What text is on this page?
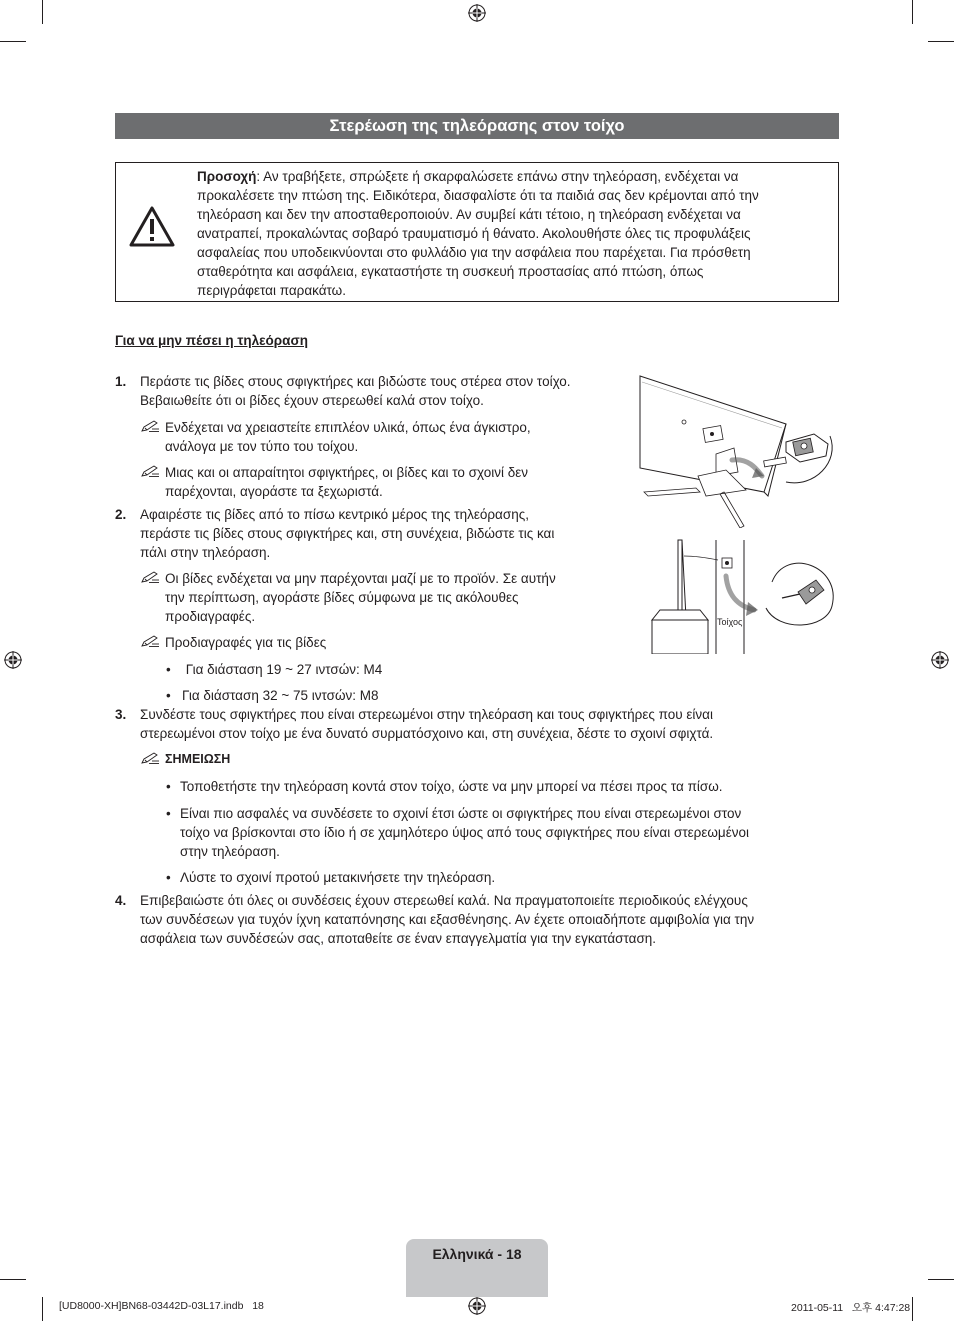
Στερέωση της τηλεόρασης στον τοίχο
Προσοχή: Αν τραβήξετε, σπρώξετε ή σκαρφαλώσετε επάνω στην τηλεόραση, ενδέχεται να
προκαλέσετε την πτώση της. Ειδικότερα, διασφαλίστε ότι τα παιδιά σας δεν κρέμονται από την
τηλεόραση και δεν την αποσταθεροποιούν. Αν συμβεί κάτι τέτοιο, η τηλεόραση ενδέχεται να
ανατραπεί, προκαλώντας σοβαρό τραυματισμό ή θάνατο. Ακολουθήστε όλες τις προφυλάξεις
ασφαλείας που υποδεικνύονται στο φυλλάδιο για την ασφάλεια που παρέχεται. Για πρόσθετη
σταθερότητα και ασφάλεια, εγκαταστήστε τη συσκευή προστασίας από πτώση, όπως
περιγράφεται παρακάτω.
Για να μην πέσει η τηλεόραση
1. Περάστε τις βίδες στους σφιγκτήρες και βιδώστε τους στέρεα στον τοίχο.
Βεβαιωθείτε ότι οι βίδες έχουν στερεωθεί καλά στον τοίχο.
Ενδέχεται να χρειαστείτε επιπλέον υλικά, όπως ένα άγκιστρο,
ανάλογα με τον τύπο του τοίχου.
Μιας και οι απαραίτητοι σφιγκτήρες, οι βίδες και το σχοινί δεν
παρέχονται, αγοράστε τα ξεχωριστά.
2. Αφαιρέστε τις βίδες από το πίσω κεντρικό μέρος της τηλεόρασης,
περάστε τις βίδες στους σφιγκτήρες και, στη συνέχεια, βιδώστε τις και
πάλι στην τηλεόραση.
Οι βίδες ενδέχεται να μην παρέχονται μαζί με το προϊόν. Σε αυτήν
την περίπτωση, αγοράστε βίδες σύμφωνα με τις ακόλουθες
προδιαγραφές.
Προδιαγραφές για τις βίδες
•    Για διάσταση 19 ~ 27 ιντσών: M4
•   Για διάσταση 32 ~ 75 ιντσών: M8
3. Συνδέστε τους σφιγκτήρες που είναι στερεωμένοι στην τηλεόραση και τους σφιγκτήρες που είναι
στερεωμένοι στον τοίχο με ένα δυνατό συρματόσχοινο και, στη συνέχεια, δέστε το σχοινί σφιχτά.
ΣΗΜΕΙΩΣΗ
• Τοποθετήστε την τηλεόραση κοντά στον τοίχο, ώστε να μην μπορεί να πέσει προς τα πίσω.
• Είναι πιο ασφαλές να συνδέσετε το σχοινί έτσι ώστε οι σφιγκτήρες που είναι στερεωμένοι στον
τοίχο να βρίσκονται στο ίδιο ή σε χαμηλότερο ύψος από τους σφιγκτήρες που είναι στερεωμένοι
στην τηλεόραση.
• Λύστε το σχοινί προτού μετακινήσετε την τηλεόραση.
4. Επιβεβαιώστε ότι όλες οι συνδέσεις έχουν στερεωθεί καλά. Να πραγματοποιείτε περιοδικούς ελέγχους
των συνδέσεων για τυχόν ίχνη καταπόνησης και εξασθένησης. Αν έχετε οποιαδήποτε αμφιβολία για την
ασφάλεια των συνδέσεών σας, αποταθείτε σε έναν επαγγελματία για την εγκατάσταση.
Τοίχος
Ελληνικά - 18
[UD8000-XH]BN68-03442D-03L17.indb   18	2011-05-11   오후 4:47:28
